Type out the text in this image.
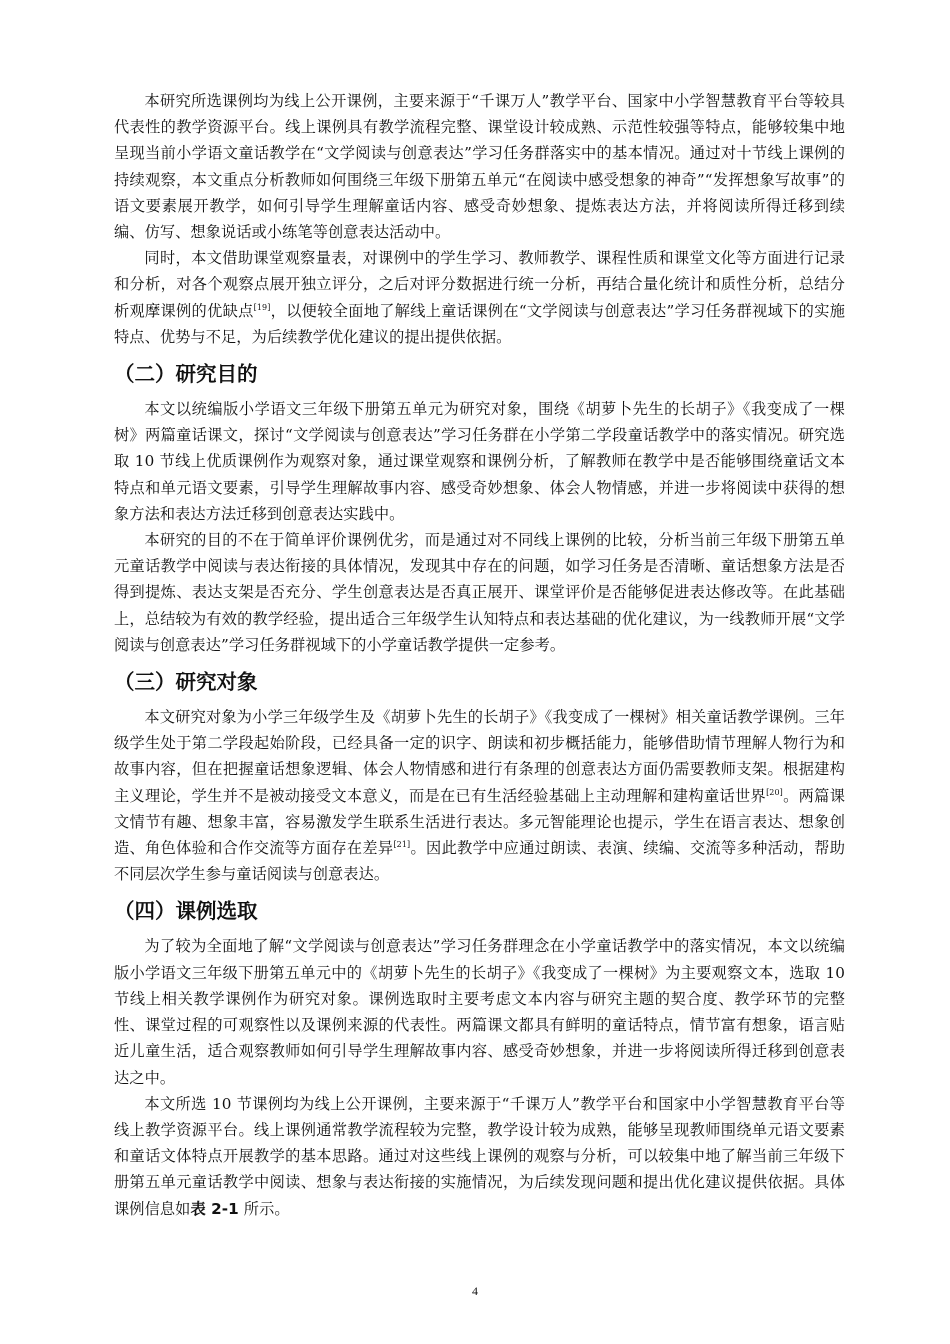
本研究所选课例均为线上公开课例，主要来源于“千课万人”教学平台、国家中小学智慧教育平台等较具代表性的教学资源平台。线上课例具有教学流程完整、课堂设计较成熟、示范性较强等特点，能够较集中地呈现当前小学语文童话教学在“文学阅读与创意表达”学习任务群落实中的基本情况。通过对十节线上课例的持续观察，本文重点分析教师如何围绕三年级下册第五单元“在阅读中感受想象的神奇”“发挥想象写故事”的语文要素展开教学，如何引导学生理解童话内容、感受奇妙想象、提炼表达方法，并将阅读所得迁移到续编、仿写、想象说话或小练笔等创意表达活动中。

同时，本文借助课堂观察量表，对课例中的学生学习、教师教学、课程性质和课堂文化等方面进行记录和分析，对各个观察点展开独立评分，之后对评分数据进行统一分析，再结合量化统计和质性分析，总结分析观摩课例的优缺点[19]，以便较全面地了解线上童话课例在“文学阅读与创意表达”学习任务群视域下的实施特点、优势与不足，为后续教学优化建议的提出提供依据。

（二）研究目的

本文以统编版小学语文三年级下册第五单元为研究对象，围绕《胡萝卜先生的长胡子》《我变成了一棵树》两篇童话课文，探讨“文学阅读与创意表达”学习任务群在小学第二学段童话教学中的落实情况。研究选取 10 节线上优质课例作为观察对象，通过课堂观察和课例分析，了解教师在教学中是否能够围绕童话文本特点和单元语文要素，引导学生理解故事内容、感受奇妙想象、体会人物情感，并进一步将阅读中获得的想象方法和表达方法迁移到创意表达实践中。

本研究的目的不在于简单评价课例优劣，而是通过对不同线上课例的比较，分析当前三年级下册第五单元童话教学中阅读与表达衔接的具体情况，发现其中存在的问题，如学习任务是否清晰、童话想象方法是否得到提炼、表达支架是否充分、学生创意表达是否真正展开、课堂评价是否能够促进表达修改等。在此基础上，总结较为有效的教学经验，提出适合三年级学生认知特点和表达基础的优化建议，为一线教师开展“文学阅读与创意表达”学习任务群视域下的小学童话教学提供一定参考。

（三）研究对象

本文研究对象为小学三年级学生及《胡萝卜先生的长胡子》《我变成了一棵树》相关童话教学课例。三年级学生处于第二学段起始阶段，已经具备一定的识字、朗读和初步概括能力，能够借助情节理解人物行为和故事内容，但在把握童话想象逻辑、体会人物情感和进行有条理的创意表达方面仍需要教师支架。根据建构主义理论，学生并不是被动接受文本意义，而是在已有生活经验基础上主动理解和建构童话世界[20]。两篇课文情节有趣、想象丰富，容易激发学生联系生活进行表达。多元智能理论也提示，学生在语言表达、想象创造、角色体验和合作交流等方面存在差异[21]。因此教学中应通过朗读、表演、续编、交流等多种活动，帮助不同层次学生参与童话阅读与创意表达。

（四）课例选取

为了较为全面地了解“文学阅读与创意表达”学习任务群理念在小学童话教学中的落实情况，本文以统编版小学语文三年级下册第五单元中的《胡萝卜先生的长胡子》《我变成了一棵树》为主要观察文本，选取 10 节线上相关教学课例作为研究对象。课例选取时主要考虑文本内容与研究主题的契合度、教学环节的完整性、课堂过程的可观察性以及课例来源的代表性。两篇课文都具有鲜明的童话特点，情节富有想象，语言贴近儿童生活，适合观察教师如何引导学生理解故事内容、感受奇妙想象，并进一步将阅读所得迁移到创意表达之中。

本文所选 10 节课例均为线上公开课例，主要来源于“千课万人”教学平台和国家中小学智慧教育平台等线上教学资源平台。线上课例通常教学流程较为完整，教学设计较为成熟，能够呈现教师围绕单元语文要素和童话文体特点开展教学的基本思路。通过对这些线上课例的观察与分析，可以较集中地了解当前三年级下册第五单元童话教学中阅读、想象与表达衔接的实施情况，为后续发现问题和提出优化建议提供依据。具体课例信息如表 2-1 所示。

4
